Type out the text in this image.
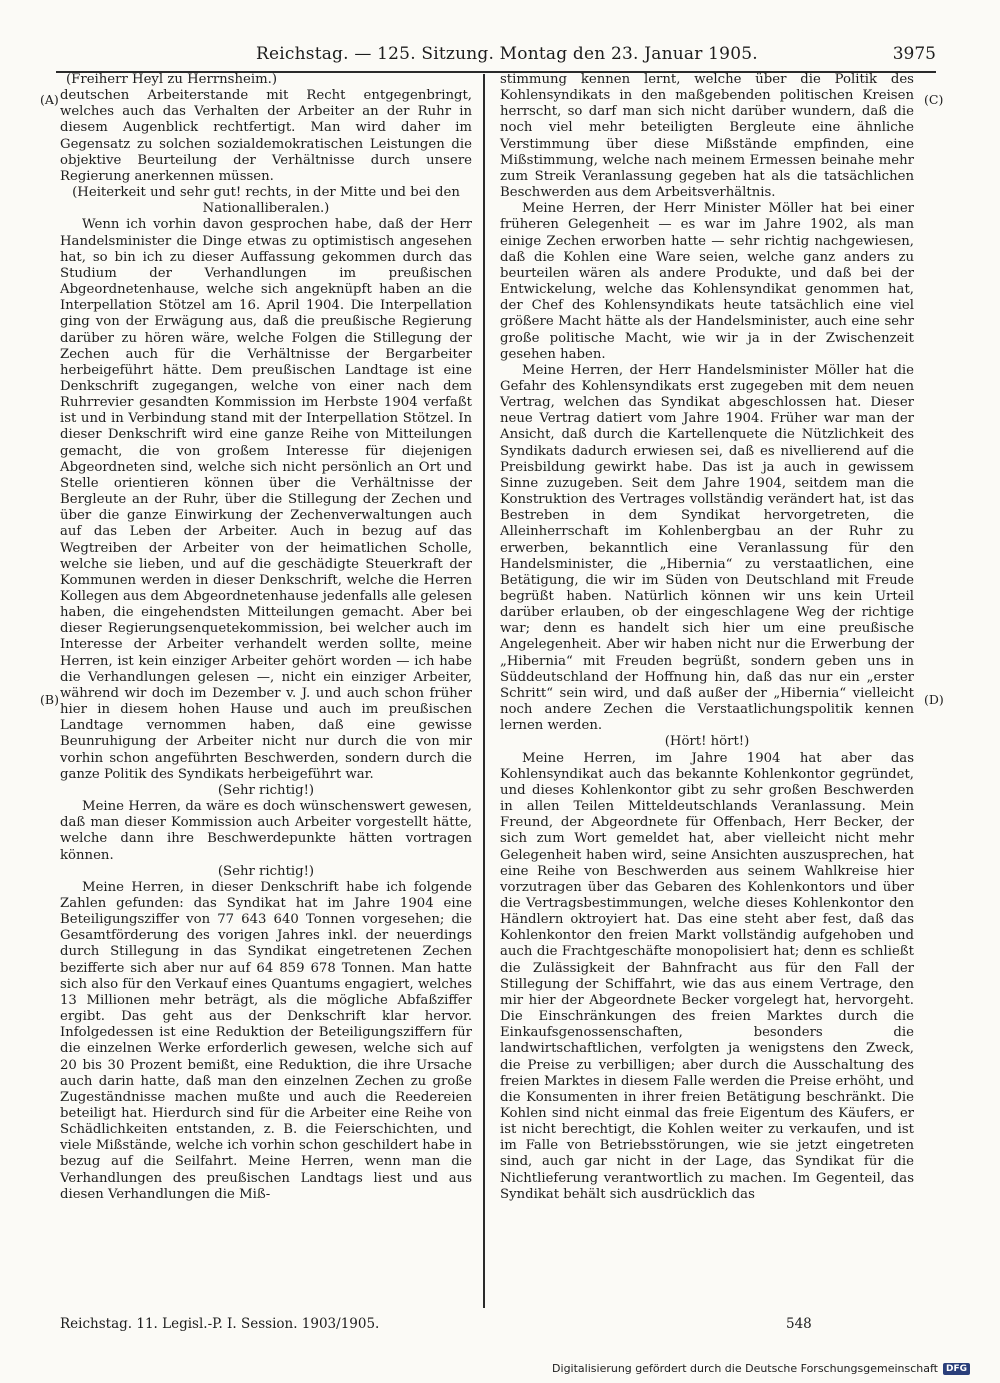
Reichstag. — 125. Sitzung. Montag den 23. Januar 1905.	3975

(Freiherr Heyl zu Herrnsheim.)

deutschen Arbeiterstande mit Recht entgegenbringt, welches auch das Verhalten der Arbeiter an der Ruhr in diesem Augenblick rechtfertigt. Man wird daher im Gegensatz zu solchen sozialdemokratischen Leistungen die objektive Beurteilung der Verhältnisse durch unsere Regierung anerkennen müssen.

(Heiterkeit und sehr gut! rechts, in der Mitte und bei den Nationalliberalen.)

Wenn ich vorhin davon gesprochen habe, daß der Herr Handelsminister die Dinge etwas zu optimistisch angesehen hat, so bin ich zu dieser Auffassung gekommen durch das Studium der Verhandlungen im preußischen Abgeordnetenhause, welche sich angeknüpft haben an die Interpellation Stötzel am 16. April 1904. Die Interpellation ging von der Erwägung aus, daß die preußische Regierung darüber zu hören wäre, welche Folgen die Stillegung der Zechen auch für die Verhältnisse der Bergarbeiter herbeigeführt hätte. Dem preußischen Landtage ist eine Denkschrift zugegangen, welche von einer nach dem Ruhrrevier gesandten Kommission im Herbste 1904 verfaßt ist und in Verbindung stand mit der Interpellation Stötzel. In dieser Denkschrift wird eine ganze Reihe von Mitteilungen gemacht, die von großem Interesse für diejenigen Abgeordneten sind, welche sich nicht persönlich an Ort und Stelle orientieren können über die Verhältnisse der Bergleute an der Ruhr, über die Stillegung der Zechen und über die ganze Einwirkung der Zechenverwaltungen auch auf das Leben der Arbeiter. Auch in bezug auf das Wegtreiben der Arbeiter von der heimatlichen Scholle, welche sie lieben, und auf die geschädigte Steuerkraft der Kommunen werden in dieser Denkschrift, welche die Herren Kollegen aus dem Abgeordnetenhause jedenfalls alle gelesen haben, die eingehendsten Mitteilungen gemacht. Aber bei dieser Regierungsenquetekommission, bei welcher auch im Interesse der Arbeiter verhandelt werden sollte, meine Herren, ist kein einziger Arbeiter gehört worden — ich habe die Verhandlungen gelesen —, nicht ein einziger Arbeiter, während wir doch im Dezember v. J. und auch schon früher hier in diesem hohen Hause und auch im preußischen Landtage vernommen haben, daß eine gewisse Beunruhigung der Arbeiter nicht nur durch die von mir vorhin schon angeführten Beschwerden, sondern durch die ganze Politik des Syndikats herbeigeführt war.

(Sehr richtig!)

Meine Herren, da wäre es doch wünschenswert gewesen, daß man dieser Kommission auch Arbeiter vorgestellt hätte, welche dann ihre Beschwerdepunkte hätten vortragen können.

(Sehr richtig!)

Meine Herren, in dieser Denkschrift habe ich folgende Zahlen gefunden: das Syndikat hat im Jahre 1904 eine Beteiligungsziffer von 77 643 640 Tonnen vorgesehen; die Gesamtförderung des vorigen Jahres inkl. der neuerdings durch Stillegung in das Syndikat eingetretenen Zechen bezifferte sich aber nur auf 64 859 678 Tonnen. Man hatte sich also für den Verkauf eines Quantums engagiert, welches 13 Millionen mehr beträgt, als die mögliche Abfaßziffer ergibt. Das geht aus der Denkschrift klar hervor. Infolgedessen ist eine Reduktion der Beteiligungsziffern für die einzelnen Werke erforderlich gewesen, welche sich auf 20 bis 30 Prozent bemißt, eine Reduktion, die ihre Ursache auch darin hatte, daß man den einzelnen Zechen zu große Zugeständnisse machen mußte und auch die Reedereien beteiligt hat. Hierdurch sind für die Arbeiter eine Reihe von Schädlichkeiten entstanden, z. B. die Feierschichten, und viele Mißstände, welche ich vorhin schon geschildert habe in bezug auf die Seilfahrt. Meine Herren, wenn man die Verhandlungen des preußischen Landtags liest und aus diesen Verhandlungen die Miß-

stimmung kennen lernt, welche über die Politik des Kohlensyndikats in den maßgebenden politischen Kreisen herrscht, so darf man sich nicht darüber wundern, daß die noch viel mehr beteiligten Bergleute eine ähnliche Verstimmung über diese Mißstände empfinden, eine Mißstimmung, welche nach meinem Ermessen beinahe mehr zum Streik Veranlassung gegeben hat als die tatsächlichen Beschwerden aus dem Arbeitsverhältnis.

Meine Herren, der Herr Minister Möller hat bei einer früheren Gelegenheit — es war im Jahre 1902, als man einige Zechen erworben hatte — sehr richtig nachgewiesen, daß die Kohlen eine Ware seien, welche ganz anders zu beurteilen wären als andere Produkte, und daß bei der Entwickelung, welche das Kohlensyndikat genommen hat, der Chef des Kohlensyndikats heute tatsächlich eine viel größere Macht hätte als der Handelsminister, auch eine sehr große politische Macht, wie wir ja in der Zwischenzeit gesehen haben.

Meine Herren, der Herr Handelsminister Möller hat die Gefahr des Kohlensyndikats erst zugegeben mit dem neuen Vertrag, welchen das Syndikat abgeschlossen hat. Dieser neue Vertrag datiert vom Jahre 1904. Früher war man der Ansicht, daß durch die Kartellenquete die Nützlichkeit des Syndikats dadurch erwiesen sei, daß es nivellierend auf die Preisbildung gewirkt habe. Das ist ja auch in gewissem Sinne zuzugeben. Seit dem Jahre 1904, seitdem man die Konstruktion des Vertrages vollständig verändert hat, ist das Bestreben in dem Syndikat hervorgetreten, die Alleinherrschaft im Kohlenbergbau an der Ruhr zu erwerben, bekanntlich eine Veranlassung für den Handelsminister, die „Hibernia“ zu verstaatlichen, eine Betätigung, die wir im Süden von Deutschland mit Freude begrüßt haben. Natürlich können wir uns kein Urteil darüber erlauben, ob der eingeschlagene Weg der richtige war; denn es handelt sich hier um eine preußische Angelegenheit. Aber wir haben nicht nur die Erwerbung der „Hibernia“ mit Freuden begrüßt, sondern geben uns in Süddeutschland der Hoffnung hin, daß das nur ein „erster Schritt“ sein wird, und daß außer der „Hibernia“ vielleicht noch andere Zechen die Verstaatlichungspolitik kennen lernen werden.

(Hört! hört!)

Meine Herren, im Jahre 1904 hat aber das Kohlensyndikat auch das bekannte Kohlenkontor gegründet, und dieses Kohlenkontor gibt zu sehr großen Beschwerden in allen Teilen Mitteldeutschlands Veranlassung. Mein Freund, der Abgeordnete für Offenbach, Herr Becker, der sich zum Wort gemeldet hat, aber vielleicht nicht mehr Gelegenheit haben wird, seine Ansichten auszusprechen, hat eine Reihe von Beschwerden aus seinem Wahlkreise hier vorzutragen über das Gebaren des Kohlenkontors und über die Vertragsbestimmungen, welche dieses Kohlenkontor den Händlern oktroyiert hat. Das eine steht aber fest, daß das Kohlenkontor den freien Markt vollständig aufgehoben und auch die Frachtgeschäfte monopolisiert hat; denn es schließt die Zulässigkeit der Bahnfracht aus für den Fall der Stillegung der Schiffahrt, wie das aus einem Vertrage, den mir hier der Abgeordnete Becker vorgelegt hat, hervorgeht. Die Einschränkungen des freien Marktes durch die Einkaufsgenossenschaften, besonders die landwirtschaftlichen, verfolgten ja wenigstens den Zweck, die Preise zu verbilligen; aber durch die Ausschaltung des freien Marktes in diesem Falle werden die Preise erhöht, und die Konsumenten in ihrer freien Betätigung beschränkt. Die Kohlen sind nicht einmal das freie Eigentum des Käufers, er ist nicht berechtigt, die Kohlen weiter zu verkaufen, und ist im Falle von Betriebsstörungen, wie sie jetzt eingetreten sind, auch gar nicht in der Lage, das Syndikat für die Nichtlieferung verantwortlich zu machen. Im Gegenteil, das Syndikat behält sich ausdrücklich das

(A)
(B)
(C)
(D)
Reichstag. 11. Legisl.-P. I. Session. 1903/1905.	548
Digitalisierung gefördert durch die Deutsche Forschungsgemeinschaft DFG
